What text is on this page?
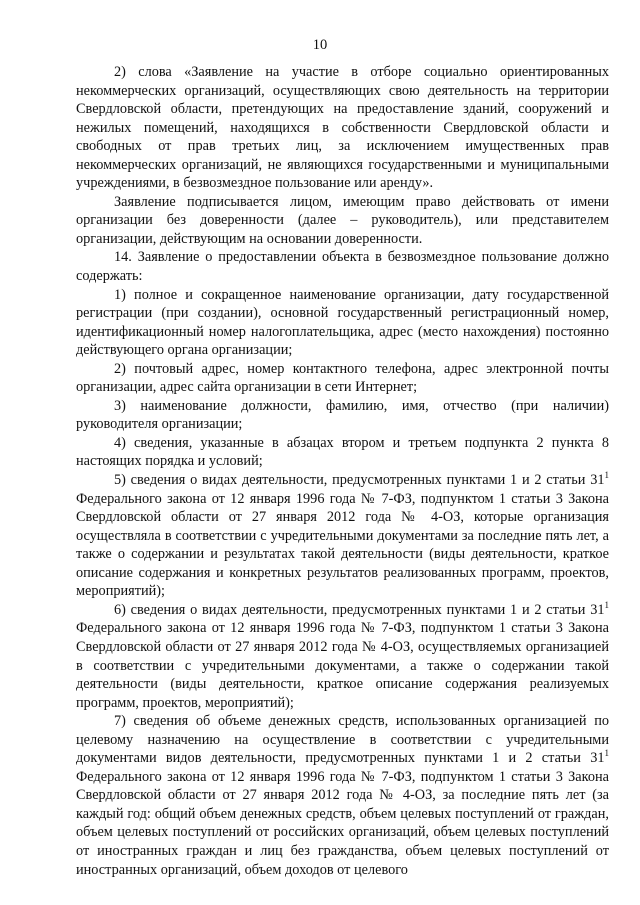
10

2) слова «Заявление на участие в отборе социально ориентированных некоммерческих организаций, осуществляющих свою деятельность на территории Свердловской области, претендующих на предоставление зданий, сооружений и нежилых помещений, находящихся в собственности Свердловской области и свободных от прав третьих лиц, за исключением имущественных прав некоммерческих организаций, не являющихся государственными и муниципальными учреждениями, в безвозмездное пользование или аренду».

Заявление подписывается лицом, имеющим право действовать от имени организации без доверенности (далее – руководитель), или представителем организации, действующим на основании доверенности.

14. Заявление о предоставлении объекта в безвозмездное пользование должно содержать:

1) полное и сокращенное наименование организации, дату государственной регистрации (при создании), основной государственный регистрационный номер, идентификационный номер налогоплательщика, адрес (место нахождения) постоянно действующего органа организации;

2) почтовый адрес, номер контактного телефона, адрес электронной почты организации, адрес сайта организации в сети Интернет;

3) наименование должности, фамилию, имя, отчество (при наличии) руководителя организации;

4) сведения, указанные в абзацах втором и третьем подпункта 2 пункта 8 настоящих порядка и условий;

5) сведения о видах деятельности, предусмотренных пунктами 1 и 2 статьи $31^1$ Федерального закона от 12 января 1996 года № 7-ФЗ, подпунктом 1 статьи 3 Закона Свердловской области от 27 января 2012 года № 4-ОЗ, которые организация осуществляла в соответствии с учредительными документами за последние пять лет, а также о содержании и результатах такой деятельности (виды деятельности, краткое описание содержания и конкретных результатов реализованных программ, проектов, мероприятий);

6) сведения о видах деятельности, предусмотренных пунктами 1 и 2 статьи $31^1$ Федерального закона от 12 января 1996 года № 7-ФЗ, подпунктом 1 статьи 3 Закона Свердловской области от 27 января 2012 года № 4-ОЗ, осуществляемых организацией в соответствии с учредительными документами, а также о содержании такой деятельности (виды деятельности, краткое описание содержания реализуемых программ, проектов, мероприятий);

7) сведения об объеме денежных средств, использованных организацией по целевому назначению на осуществление в соответствии с учредительными документами видов деятельности, предусмотренных пунктами 1 и 2 статьи $31^1$ Федерального закона от 12 января 1996 года № 7-ФЗ, подпунктом 1 статьи 3 Закона Свердловской области от 27 января 2012 года № 4-ОЗ, за последние пять лет (за каждый год: общий объем денежных средств, объем целевых поступлений от граждан, объем целевых поступлений от российских организаций, объем целевых поступлений от иностранных граждан и лиц без гражданства, объем целевых поступлений от иностранных организаций, объем доходов от целевого
